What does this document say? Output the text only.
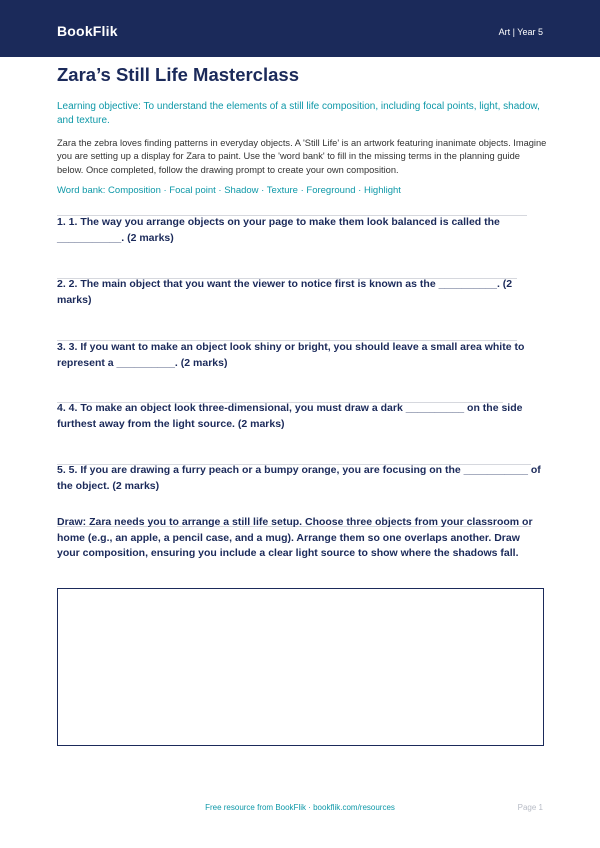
BookFlik	Art | Year 5
Zara’s Still Life Masterclass
Learning objective: To understand the elements of a still life composition, including focal points, light, shadow, and texture.
Zara the zebra loves finding patterns in everyday objects. A 'Still Life' is an artwork featuring inanimate objects. Imagine you are setting up a display for Zara to paint. Use the 'word bank' to fill in the missing terms in the planning guide below. Once completed, follow the drawing prompt to create your own composition.
Word bank: Composition · Focal point · Shadow · Texture · Foreground · Highlight
1. 1. The way you arrange objects on your page to make them look balanced is called the ___________. (2 marks)
2. 2. The main object that you want the viewer to notice first is known as the __________. (2 marks)
3. 3. If you want to make an object look shiny or bright, you should leave a small area white to represent a __________. (2 marks)
4. 4. To make an object look three-dimensional, you must draw a dark __________ on the side furthest away from the light source. (2 marks)
5. 5. If you are drawing a furry peach or a bumpy orange, you are focusing on the ___________ of the object. (2 marks)
Draw: Zara needs you to arrange a still life setup. Choose three objects from your classroom or home (e.g., an apple, a pencil case, and a mug). Arrange them so one overlaps another. Draw your composition, ensuring you include a clear light source to show where the shadows fall.
Free resource from BookFlik · bookflik.com/resources	Page 1
